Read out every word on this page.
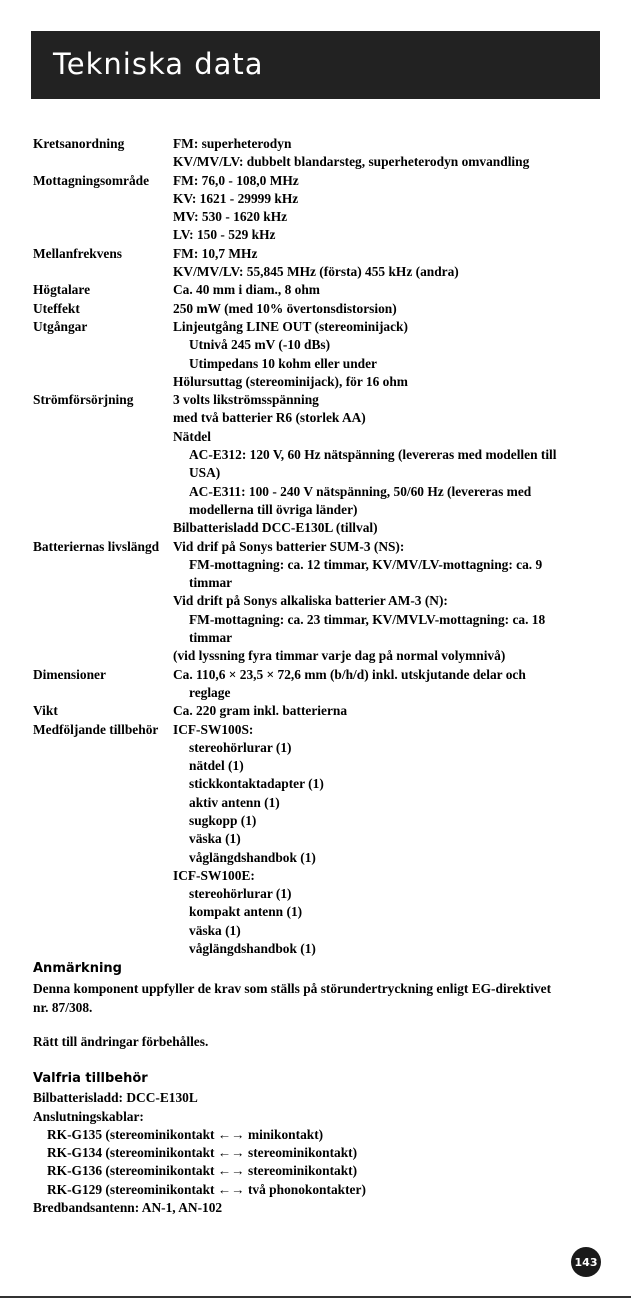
Tekniska data
Kretsanordning	FM: superheterodyn
KV/MV/LV: dubbelt blandarsteg, superheterodyn omvandling
Mottagningsområde	FM: 76,0 - 108,0 MHz
KV: 1621 - 29999 kHz
MV: 530 - 1620 kHz
LV: 150 - 529 kHz
Mellanfrekvens	FM: 10,7 MHz
KV/MV/LV: 55,845 MHz (första) 455 kHz (andra)
Högtalare	Ca. 40 mm i diam., 8 ohm
Uteffekt	250 mW (med 10% övertonsdistorsion)
Utgångar	Linjeutgång LINE OUT (stereominijack)
Utnivå 245 mV (-10 dBs)
Utimpedans 10 kohm eller under
Hölursuttag (stereominijack), för 16 ohm
Strömförsörjning	3 volts likströmsspänning
med två batterier R6 (storlek AA)
Nätdel
AC-E312: 120 V, 60 Hz nätspänning (levereras med modellen till
USA)
AC-E311: 100 - 240 V nätspänning, 50/60 Hz (levereras med
modellerna till övriga länder)
Bilbatterisladd DCC-E130L (tillval)
Batteriernas livslängd	Vid drif på Sonys batterier SUM-3 (NS):
FM-mottagning: ca. 12 timmar, KV/MV/LV-mottagning: ca. 9
timmar
Vid drift på Sonys alkaliska batterier AM-3 (N):
FM-mottagning: ca. 23 timmar, KV/MVLV-mottagning: ca. 18
timmar
(vid lyssning fyra timmar varje dag på normal volymnivå)
Dimensioner	Ca. 110,6 × 23,5 × 72,6 mm (b/h/d) inkl. utskjutande delar och
reglage
Vikt	Ca. 220 gram inkl. batterierna
Medföljande tillbehör	ICF-SW100S:
stereohörlurar (1)
nätdel (1)
stickkontaktadapter (1)
aktiv antenn (1)
sugkopp (1)
väska (1)
våglängdshandbok (1)
ICF-SW100E:
stereohörlurar (1)
kompakt antenn (1)
väska (1)
våglängdshandbok (1)
Anmärkning
Denna komponent uppfyller de krav som ställs på störundertryckning enligt EG-direktivet
nr. 87/308.
Rätt till ändringar förbehålles.
Valfria tillbehör
Bilbatterisladd: DCC-E130L
Anslutningskablar:
RK-G135 (stereominikontakt ←→ minikontakt)
RK-G134 (stereominikontakt ←→ stereominikontakt)
RK-G136 (stereominikontakt ←→ stereominikontakt)
RK-G129 (stereominikontakt ←→ två phonokontakter)
Bredbandsantenn: AN-1, AN-102
143
